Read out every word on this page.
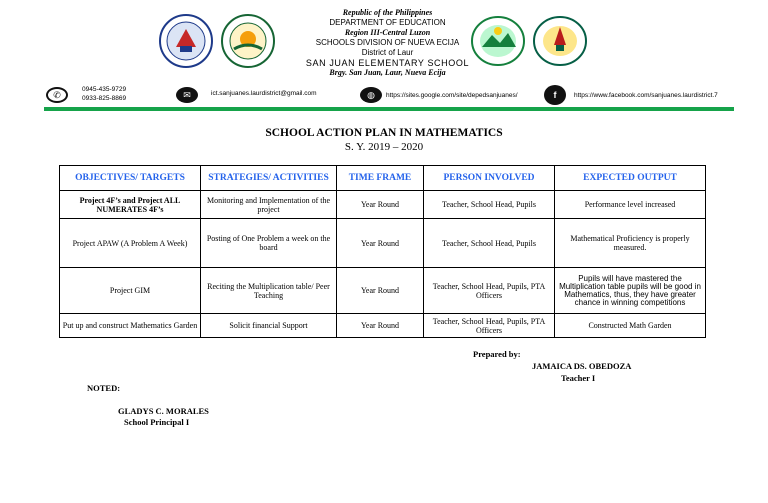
Republic of the Philippines
DEPARTMENT OF EDUCATION
Region III-Central Luzon
SCHOOLS DIVISION OF NUEVA ECIJA
District of Laur
SAN JUAN ELEMENTARY SCHOOL
Brgy. San Juan, Laur, Nueva Ecija
✆	0945-435-9729
0933-825-8869	✉	ict.sanjuanes.laurdistrict@gmail.com	◍	https://sites.google.com/site/depedsanjuanes/	f	https://www.facebook.com/sanjuanes.laurdistrict.7
SCHOOL ACTION PLAN IN MATHEMATICS
S. Y. 2019 – 2020
OBJECTIVES/ TARGETS	STRATEGIES/ ACTIVITIES	TIME FRAME	PERSON INVOLVED	EXPECTED OUTPUT
Project 4F’s and Project ALL NUMERATES 4F’s	Monitoring and Implementation of the project	Year Round	Teacher, School Head, Pupils	Performance level increased
Project APAW (A Problem A Week)	Posting of One Problem a week on the board	Year Round	Teacher, School Head, Pupils	Mathematical Proficiency is properly measured.
Project GIM	Reciting the Multiplication table/ Peer Teaching	Year Round	Teacher, School Head, Pupils, PTA Officers	Pupils will have mastered the Multiplication table pupils will be good in Mathematics, thus, they have greater chance in winning competitions
Put up and construct Mathematics Garden	Solicit financial Support	Year Round	Teacher, School Head, Pupils, PTA Officers	Constructed Math Garden
Prepared by:
JAMAICA DS. OBEDOZA
Teacher I
NOTED:
GLADYS C. MORALES
School Principal I
